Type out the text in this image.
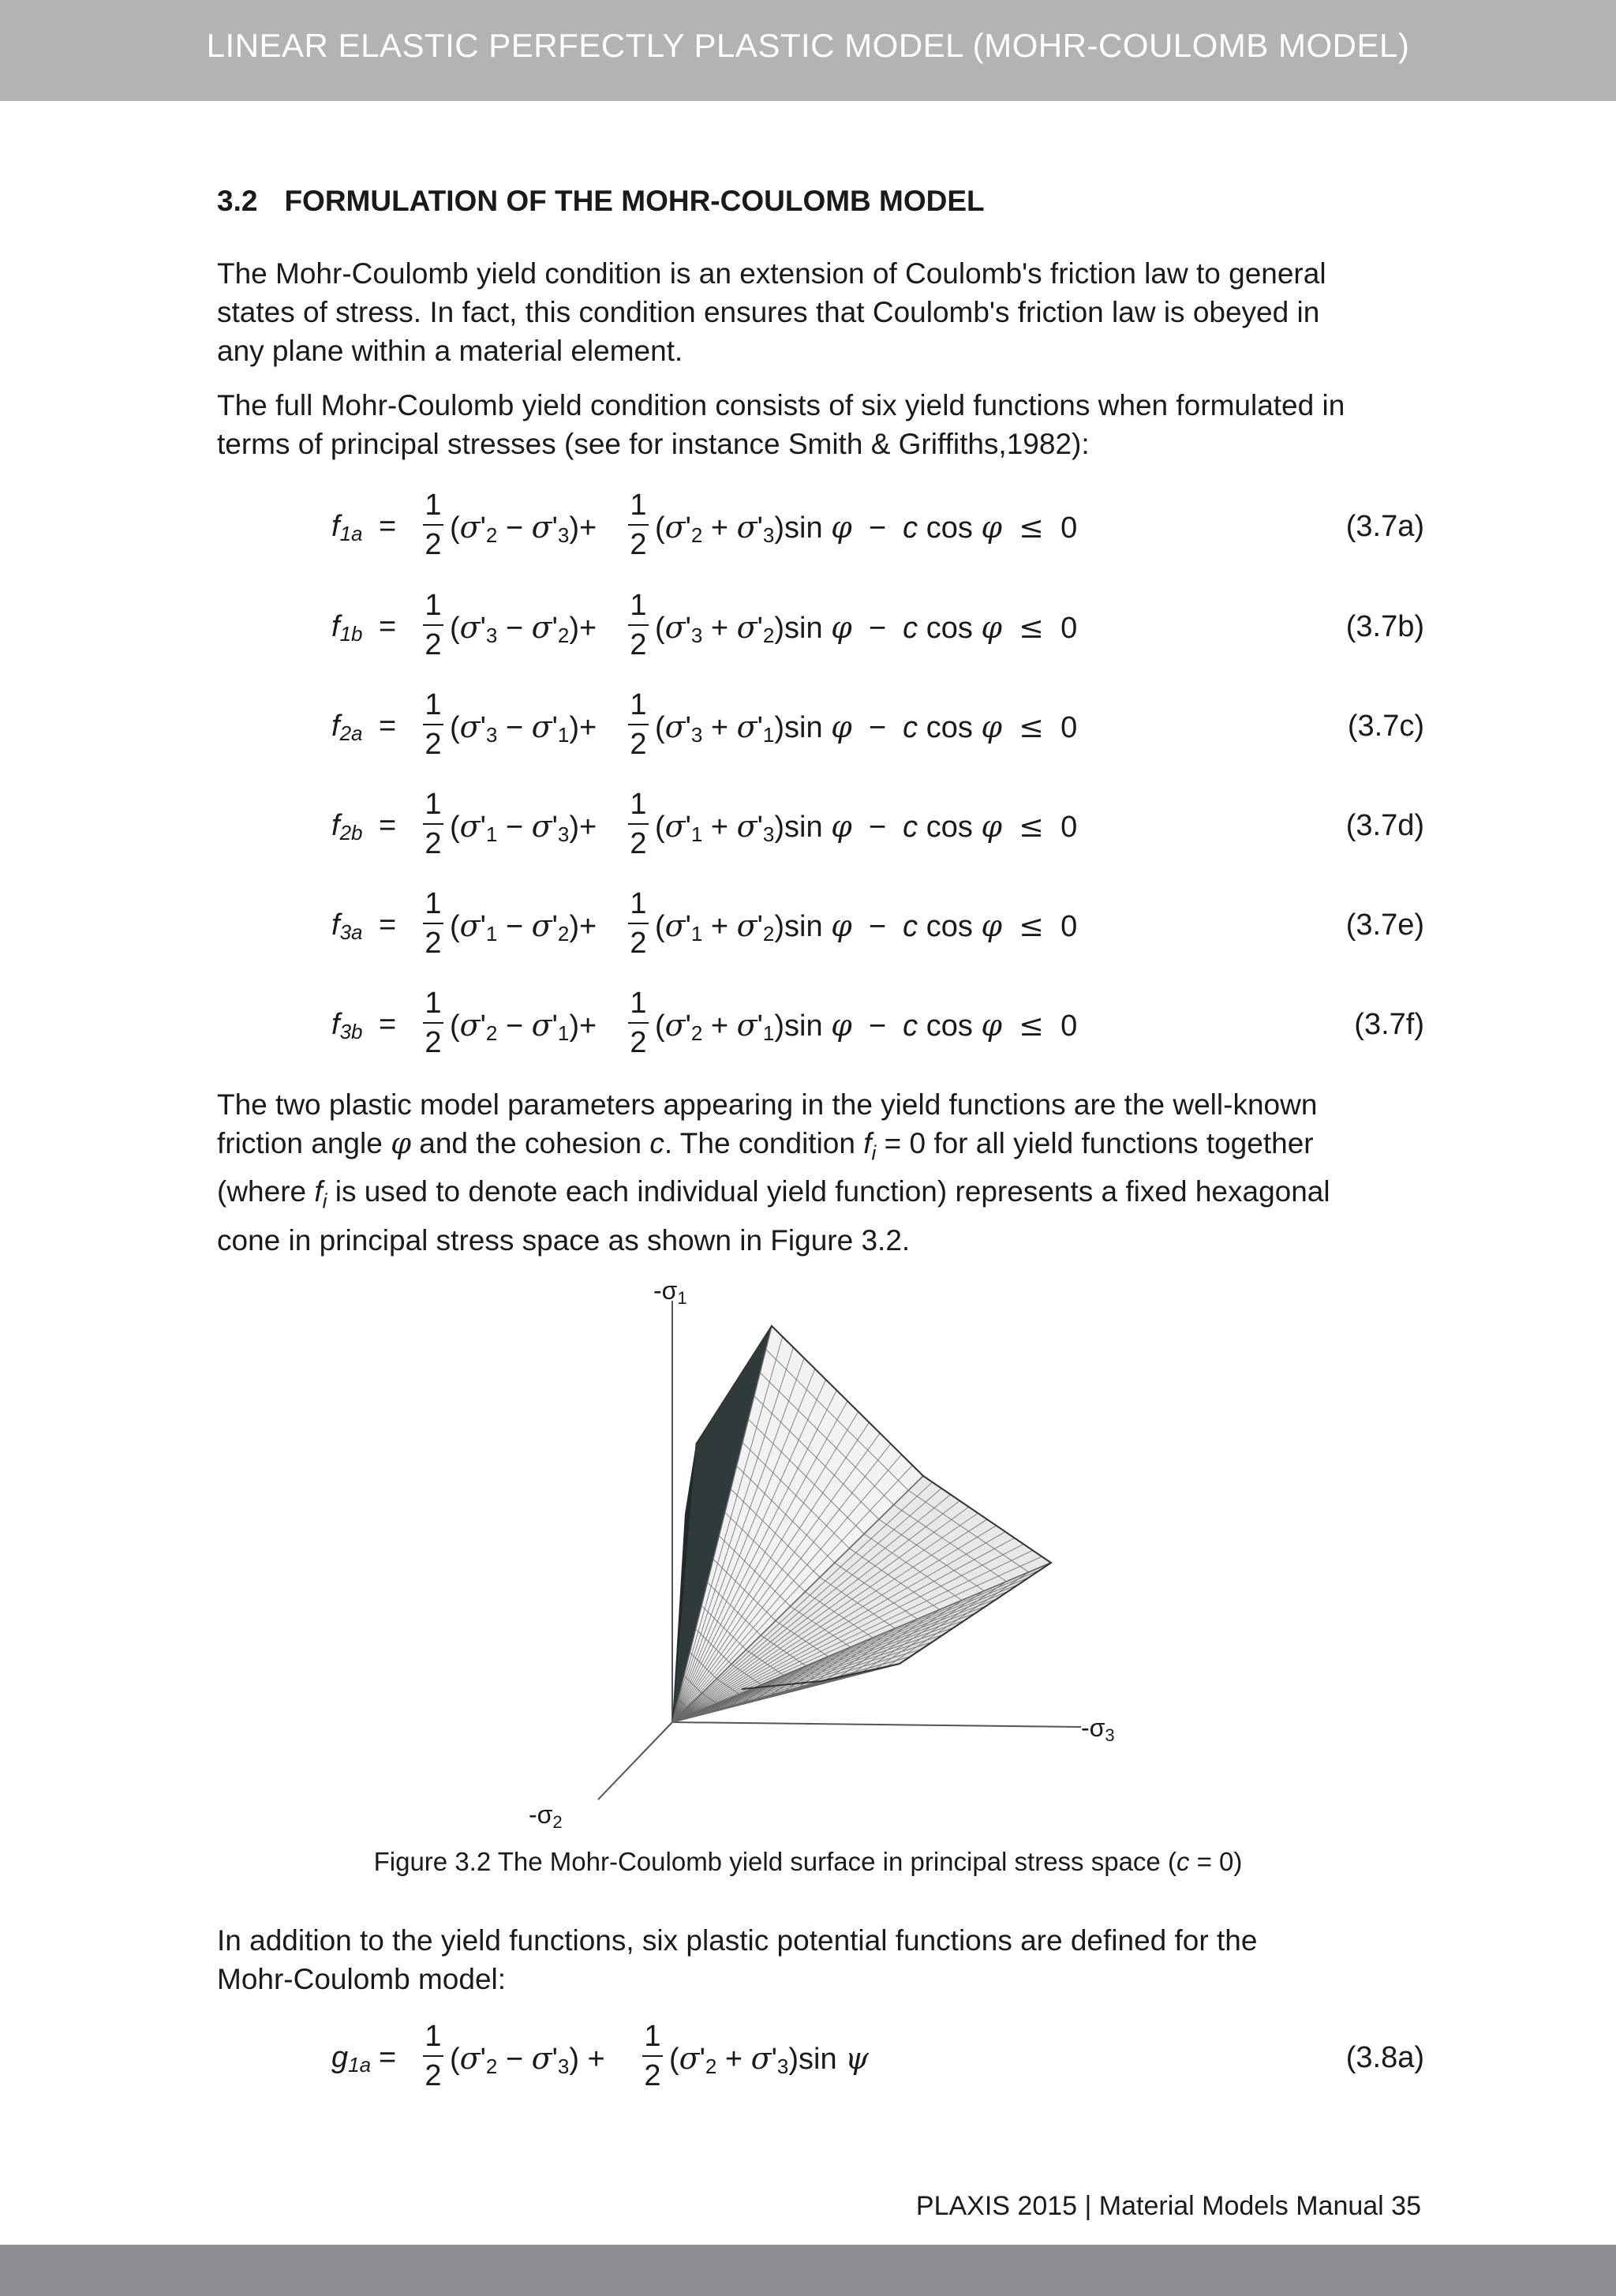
LINEAR ELASTIC PERFECTLY PLASTIC MODEL (MOHR-COULOMB MODEL)
3.2 FORMULATION OF THE MOHR-COULOMB MODEL
The Mohr-Coulomb yield condition is an extension of Coulomb's friction law to general
states of stress. In fact, this condition ensures that Coulomb's friction law is obeyed in
any plane within a material element.
The full Mohr-Coulomb yield condition consists of six yield functions when formulated in
terms of principal stresses (see for instance Smith & Griffiths,1982):
$f_{1a}$ =
1
2 $(\sigma'_2 - \sigma'_3)+$
1
2 $(\sigma'_2 + \sigma'_3)\sin$ φ  −  c cos φ ≤  0	(3.7a)
$f_{1b}$ =
1
2 $(\sigma'_3 - \sigma'_2)+$
1
2 $(\sigma'_3 + \sigma'_2)\sin$ φ  −  c cos φ ≤  0	(3.7b)
$f_{2a}$ =
1
2 $(\sigma'_3 - \sigma'_1)+$
1
2 $(\sigma'_3 + \sigma'_1)\sin$ φ  −  c cos φ ≤  0	(3.7c)
$f_{2b}$ =
1
2 $(\sigma'_1 - \sigma'_3)+$
1
2 $(\sigma'_1 + \sigma'_3)\sin$ φ  −  c cos φ ≤  0	(3.7d)
$f_{3a}$ =
1
2 $(\sigma'_1 - \sigma'_2)+$
1
2 $(\sigma'_1 + \sigma'_2)\sin$ φ  −  c cos φ ≤  0	(3.7e)
$f_{3b}$ =
1
2 $(\sigma'_2 - \sigma'_1)+$
1
2 $(\sigma'_2 + \sigma'_1)\sin$ φ  −  c cos φ ≤  0	(3.7f)
The two plastic model parameters appearing in the yield functions are the well-known
friction angle φ and the cohesion c. The condition $f_i = 0$ for all yield functions together
(where $f_i$ is used to denote each individual yield function) represents a fixed hexagonal
cone in principal stress space as shown in Figure 3.2.
-σ1
-σ3
-σ2
Figure 3.2 The Mohr-Coulomb yield surface in principal stress space (c = 0)
In addition to the yield functions, six plastic potential functions are defined for the
Mohr-Coulomb model:
$g_{1a}$ =
1
2 $(\sigma'_2 - \sigma'_3)$ +
1
2 $(\sigma'_2 + \sigma'_3)\sin$ ψ	(3.8a)
PLAXIS 2015 | Material Models Manual 35
